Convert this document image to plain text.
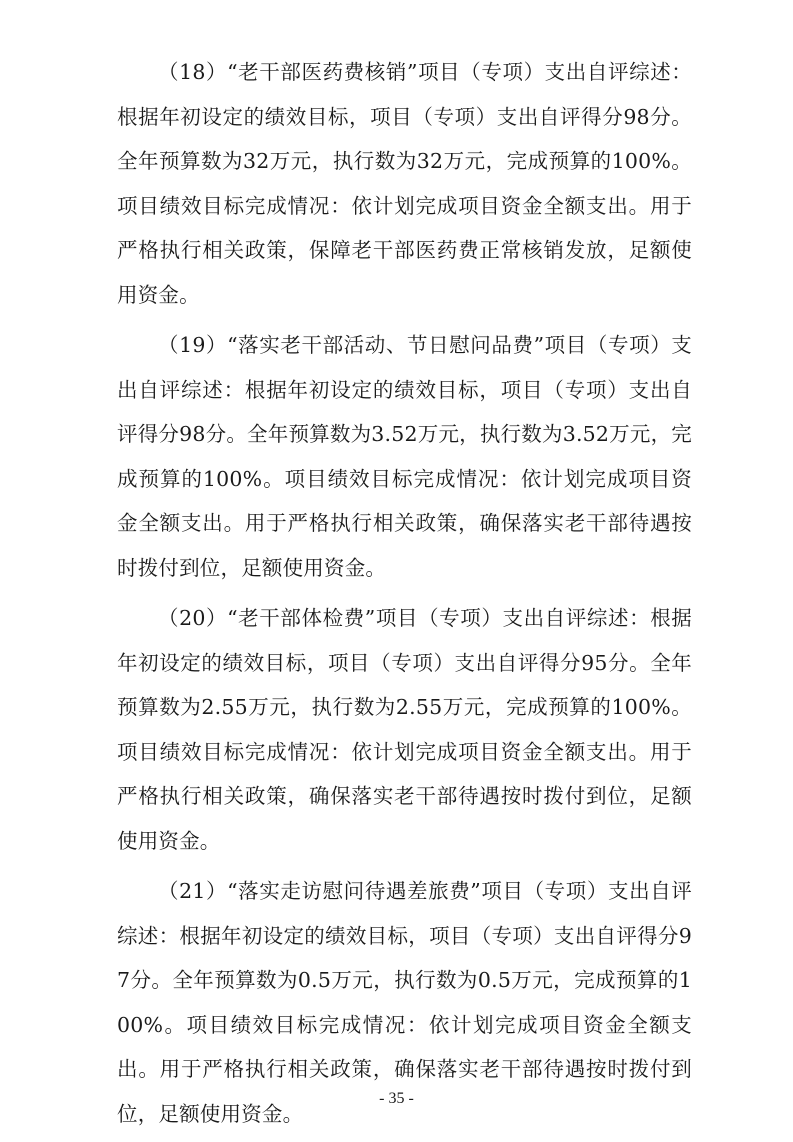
（18）“老干部医药费核销”项目（专项）支出自评综述：根据年初设定的绩效目标，项目（专项）支出自评得分98分。全年预算数为32万元，执行数为32万元，完成预算的100%。项目绩效目标完成情况：依计划完成项目资金全额支出。用于严格执行相关政策，保障老干部医药费正常核销发放，足额使用资金。

（19）“落实老干部活动、节日慰问品费”项目（专项）支出自评综述：根据年初设定的绩效目标，项目（专项）支出自评得分98分。全年预算数为3.52万元，执行数为3.52万元，完成预算的100%。项目绩效目标完成情况：依计划完成项目资金全额支出。用于严格执行相关政策，确保落实老干部待遇按时拨付到位，足额使用资金。

（20）“老干部体检费”项目（专项）支出自评综述：根据年初设定的绩效目标，项目（专项）支出自评得分95分。全年预算数为2.55万元，执行数为2.55万元，完成预算的100%。项目绩效目标完成情况：依计划完成项目资金全额支出。用于严格执行相关政策，确保落实老干部待遇按时拨付到位，足额使用资金。

（21）“落实走访慰问待遇差旅费”项目（专项）支出自评综述：根据年初设定的绩效目标，项目（专项）支出自评得分97分。全年预算数为0.5万元，执行数为0.5万元，完成预算的100%。项目绩效目标完成情况：依计划完成项目资金全额支出。用于严格执行相关政策，确保落实老干部待遇按时拨付到位，足额使用资金。

- 35 -
